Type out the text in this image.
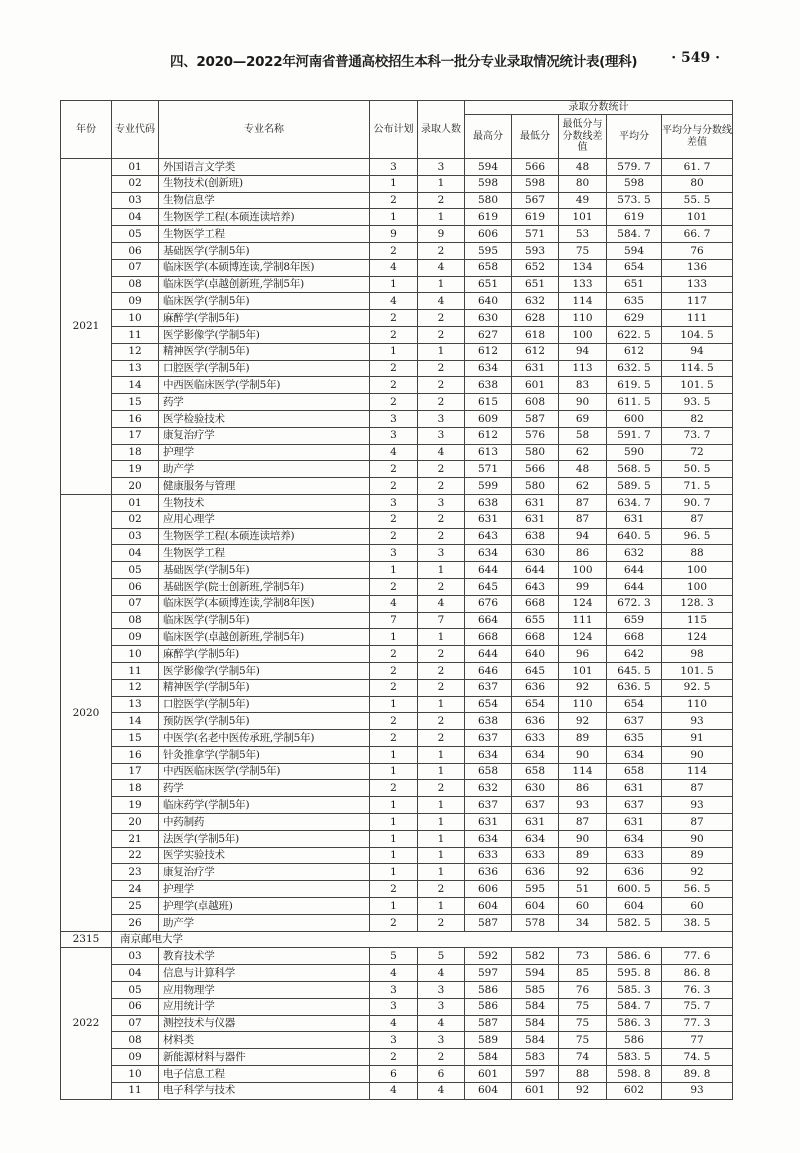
四、2020—2022年河南省普通高校招生本科一批分专业录取情况统计表(理科) · 549 ·
年份	专业代码	专业名称	公布计划	录取人数	录取分数统计				
					最高分	最低分	最低分与分数线差值	平均分	平均分与分数线差值
2021	01	外国语言文学类	3	3	594	566	48	579. 7	61. 7
	02	生物技术(创新班)	1	1	598	598	80	598	80
	03	生物信息学	2	2	580	567	49	573. 5	55. 5
	04	生物医学工程(本硕连读培养)	1	1	619	619	101	619	101
	05	生物医学工程	9	9	606	571	53	584. 7	66. 7
	06	基础医学(学制5年)	2	2	595	593	75	594	76
	07	临床医学(本硕博连读,学制8年医)	4	4	658	652	134	654	136
	08	临床医学(卓越创新班,学制5年)	1	1	651	651	133	651	133
	09	临床医学(学制5年)	4	4	640	632	114	635	117
	10	麻醉学(学制5年)	2	2	630	628	110	629	111
	11	医学影像学(学制5年)	2	2	627	618	100	622. 5	104. 5
	12	精神医学(学制5年)	1	1	612	612	94	612	94
	13	口腔医学(学制5年)	2	2	634	631	113	632. 5	114. 5
	14	中西医临床医学(学制5年)	2	2	638	601	83	619. 5	101. 5
	15	药学	2	2	615	608	90	611. 5	93. 5
	16	医学检验技术	3	3	609	587	69	600	82
	17	康复治疗学	3	3	612	576	58	591. 7	73. 7
	18	护理学	4	4	613	580	62	590	72
	19	助产学	2	2	571	566	48	568. 5	50. 5
	20	健康服务与管理	2	2	599	580	62	589. 5	71. 5
2020	01	生物技术	3	3	638	631	87	634. 7	90. 7
	02	应用心理学	2	2	631	631	87	631	87
	03	生物医学工程(本硕连读培养)	2	2	643	638	94	640. 5	96. 5
	04	生物医学工程	3	3	634	630	86	632	88
	05	基础医学(学制5年)	1	1	644	644	100	644	100
	06	基础医学(院士创新班,学制5年)	2	2	645	643	99	644	100
	07	临床医学(本硕博连读,学制8年医)	4	4	676	668	124	672. 3	128. 3
	08	临床医学(学制5年)	7	7	664	655	111	659	115
	09	临床医学(卓越创新班,学制5年)	1	1	668	668	124	668	124
	10	麻醉学(学制5年)	2	2	644	640	96	642	98
	11	医学影像学(学制5年)	2	2	646	645	101	645. 5	101. 5
	12	精神医学(学制5年)	2	2	637	636	92	636. 5	92. 5
	13	口腔医学(学制5年)	1	1	654	654	110	654	110
	14	预防医学(学制5年)	2	2	638	636	92	637	93
	15	中医学(名老中医传承班,学制5年)	2	2	637	633	89	635	91
	16	针灸推拿学(学制5年)	1	1	634	634	90	634	90
	17	中西医临床医学(学制5年)	1	1	658	658	114	658	114
	18	药学	2	2	632	630	86	631	87
	19	临床药学(学制5年)	1	1	637	637	93	637	93
	20	中药制药	1	1	631	631	87	631	87
	21	法医学(学制5年)	1	1	634	634	90	634	90
	22	医学实验技术	1	1	633	633	89	633	89
	23	康复治疗学	1	1	636	636	92	636	92
	24	护理学	2	2	606	595	51	600. 5	56. 5
	25	护理学(卓越班)	1	1	604	604	60	604	60
	26	助产学	2	2	587	578	34	582. 5	38. 5
2315	南京邮电大学								
2022	03	教育技术学	5	5	592	582	73	586. 6	77. 6
	04	信息与计算科学	4	4	597	594	85	595. 8	86. 8
	05	应用物理学	3	3	586	585	76	585. 3	76. 3
	06	应用统计学	3	3	586	584	75	584. 7	75. 7
	07	测控技术与仪器	4	4	587	584	75	586. 3	77. 3
	08	材料类	3	3	589	584	75	586	77
	09	新能源材料与器件	2	2	584	583	74	583. 5	74. 5
	10	电子信息工程	6	6	601	597	88	598. 8	89. 8
	11	电子科学与技术	4	4	604	601	92	602	93
